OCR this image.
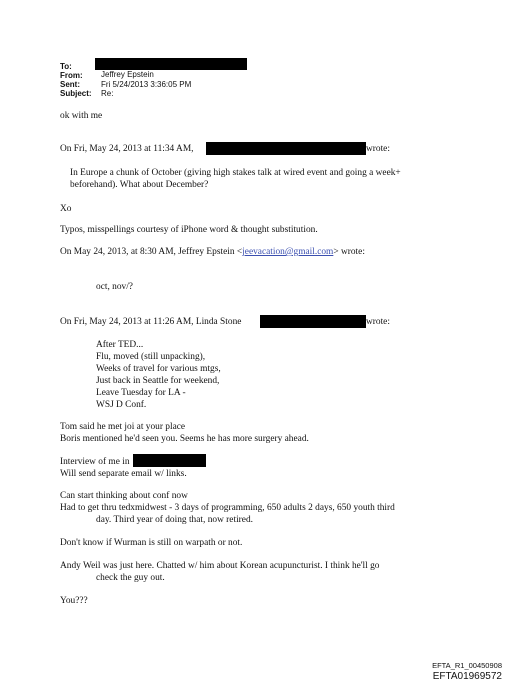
To:
From: Jeffrey Epstein
Sent:	Fri 5/24/2013 3:36:05 PM
Subject: Re:
ok with me
On Fri, May 24, 2013 at 11:34 AM,	wrote:
In Europe a chunk of October (giving high stakes talk at wired event and going a week+
beforehand). What about December?
Xo
Typos, misspellings courtesy of iPhone word & thought substitution.
On May 24, 2013, at 8:30 AM, Jeffrey Epstein <jeevacation@gmail.com> wrote:
oct, nov/?
On Fri, May 24, 2013 at 11:26 AM, Linda Stone	wrote:
After TED...
Flu, moved (still unpacking),
Weeks of travel for various mtgs,
Just back in Seattle for weekend,
Leave Tuesday for LA -
WSJ D Conf.
Tom said he met joi at your place
Boris mentioned he'd seen you. Seems he has more surgery ahead.
Interview of me in
Will send separate email w/ links.
Can start thinking about conf now
Had to get thru tedxmidwest - 3 days of programming, 650 adults 2 days, 650 youth third
day. Third year of doing that, now retired.
Don't know if Wurman is still on warpath or not.
Andy Weil was just here. Chatted w/ him about Korean acupuncturist. I think he'll go
check the guy out.
You???
EFTA_R1_00450908
EFTA01969572
